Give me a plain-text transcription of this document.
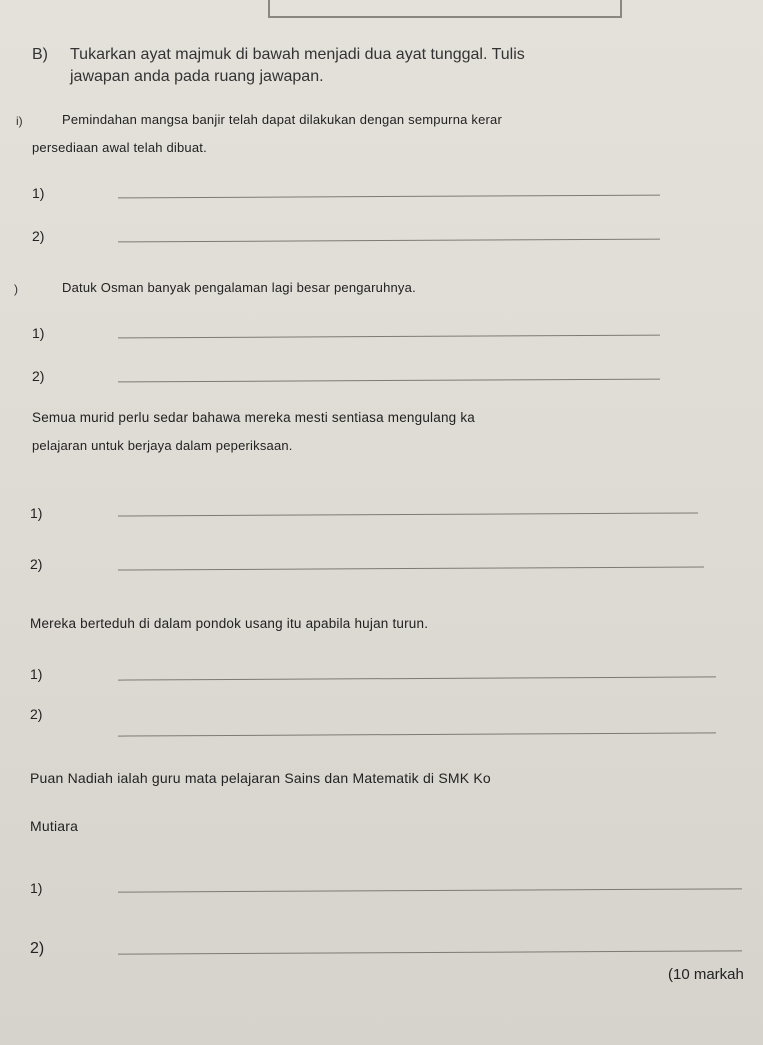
B) Tukarkan ayat majmuk di bawah menjadi dua ayat tunggal. Tulis
jawapan anda pada ruang jawapan.
i)	Pemindahan mangsa banjir telah dapat dilakukan dengan sempurna kerar
persediaan awal telah dibuat.
1)
2)
)	Datuk Osman banyak pengalaman lagi besar pengaruhnya.
1)
2)
Semua murid perlu sedar bahawa mereka mesti sentiasa mengulang ka
pelajaran untuk berjaya dalam peperiksaan.
1)
2)
Mereka berteduh di dalam pondok usang itu apabila hujan turun.
1)
2)
Puan Nadiah ialah guru mata pelajaran Sains dan Matematik di SMK Ko
Mutiara
1)
2)
(10 markah
